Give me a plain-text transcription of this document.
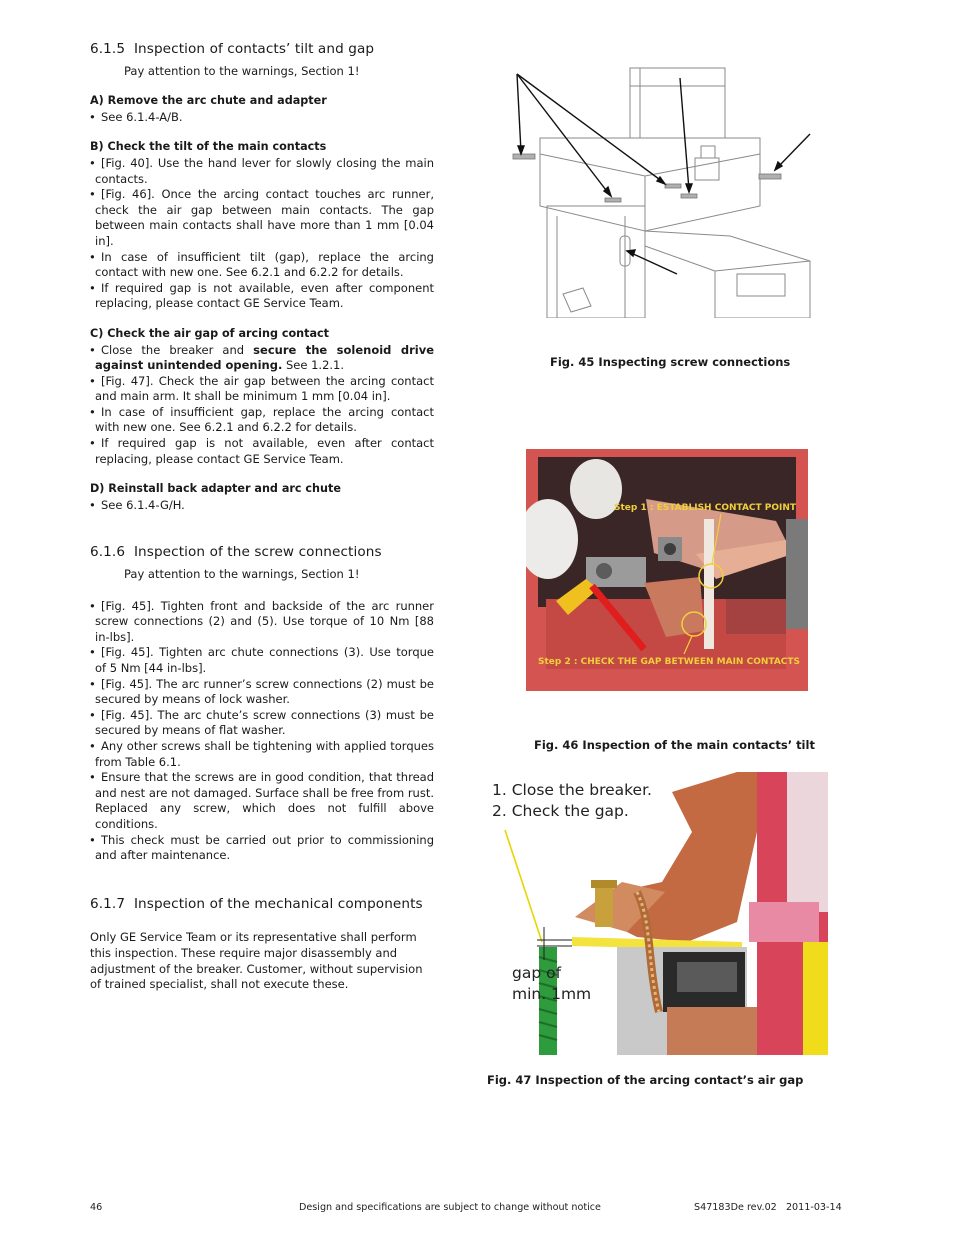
6.1.5 Inspection of contacts’ tilt and gap
Pay attention to the warnings, Section 1!

A) Remove the arc chute and adapter

• See 6.1.4-A/B.

B) Check the tilt of the main contacts

• [Fig. 40]. Use the hand lever for slowly closing the main contacts.
• [Fig. 46]. Once the arcing contact touches arc runner, check the air gap between main contacts. The gap between main contacts shall have more than 1 mm [0.04 in].
• In case of insufficient tilt (gap), replace the arcing contact with new one. See 6.2.1 and 6.2.2 for details.
• If required gap is not available, even after component replacing, please contact GE Service Team.

C) Check the air gap of arcing contact

• Close the breaker and secure the solenoid drive against unintended opening. See 1.2.1.
• [Fig. 47]. Check the air gap between the arcing contact and main arm. It shall be minimum 1 mm [0.04 in].
• In case of insufficient gap, replace the arcing contact with new one. See 6.2.1 and 6.2.2 for details.
• If required gap is not available, even after contact replacing, please contact GE Service Team.

D) Reinstall back adapter and arc chute

• See 6.1.4-G/H.
6.1.6 Inspection of the screw connections
Pay attention to the warnings, Section 1!
• [Fig. 45]. Tighten front and backside of the arc runner screw connections (2) and (5). Use torque of 10 Nm [88 in-lbs].
• [Fig. 45]. Tighten arc chute connections (3). Use torque of 5 Nm [44 in-lbs].
• [Fig. 45]. The arc runner’s screw connections (2) must be secured by means of lock washer.
• [Fig. 45]. The arc chute’s screw connections (3) must be secured by means of flat washer.
• Any other screws shall be tightening with applied torques from Table 6.1.
• Ensure that the screws are in good condition, that thread and nest are not damaged. Surface shall be free from rust. Replaced any screw, which does not fulfill above conditions.
• This check must be carried out prior to commissioning and after maintenance.
6.1.7 Inspection of the mechanical components

Only GE Service Team or its representative shall perform this inspection. These require major disassembly and adjustment of the breaker. Customer, without supervision of trained specialist, shall not execute these.

Fig. 45 Inspecting screw connections
Step 1 : ESTABLISH CONTACT POINT
Step 2 : CHECK THE GAP BETWEEN MAIN CONTACTS
Fig. 46 Inspection of the main contacts’ tilt
1. Close the breaker.
2. Check the gap.
gap of
min. 1mm
Fig. 47 Inspection of the arcing contact’s air gap
46	Design and specifications are subject to change without notice	S47183De rev.02 2011-03-14
